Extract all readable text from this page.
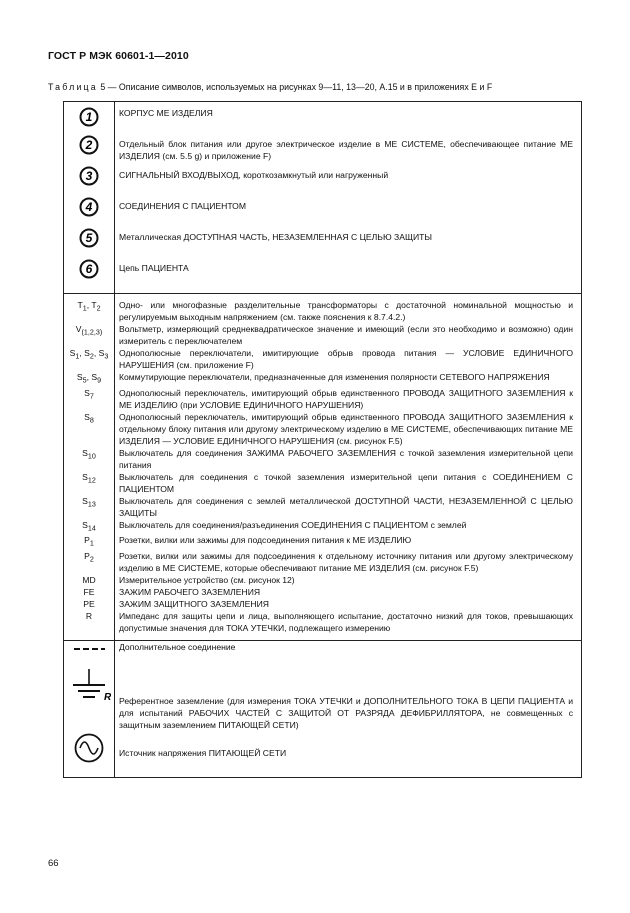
ГОСТ Р МЭК 60601-1—2010
Таблица 5 — Описание символов, используемых на рисунках 9—11, 13—20, А.15 и в приложениях Е и F
1	КОРПУС МЕ ИЗДЕЛИЯ

2	Отдельный блок питания или другое электрическое изделие в МЕ СИСТЕМЕ, обеспечивающее питание МЕ ИЗДЕЛИЯ (см. 5.5 g) и приложение F)

3	СИГНАЛЬНЫЙ ВХОД/ВЫХОД, короткозамкнутый или нагруженный

4	СОЕДИНЕНИЯ С ПАЦИЕНТОМ

5	Металлическая ДОСТУПНАЯ ЧАСТЬ, НЕЗАЗЕМЛЕННАЯ С ЦЕЛЬЮ ЗАЩИТЫ

6	Цепь ПАЦИЕНТА
$T_1$, $T_2$	Одно- или многофазные разделительные трансформаторы с достаточной номинальной мощностью и регулируемым выходным напряжением (см. также пояснения к 8.7.4.2.)
$V_{(1,2,3)}$	Вольтметр, измеряющий среднеквадратическое значение и имеющий (если это необходимо и возможно) один измеритель с переключателем
$S_1$, $S_2$, $S_3$	Однополюсные переключатели, имитирующие обрыв провода питания — УСЛОВИЕ ЕДИНИЧНОГО НАРУШЕНИЯ (см. приложение F)
$S_5$, $S_9$	Коммутирующие переключатели, предназначенные для изменения полярности СЕТЕВОГО НАПРЯЖЕНИЯ
$S_7$	Однополюсный переключатель, имитирующий обрыв единственного ПРОВОДА ЗАЩИТНОГО ЗАЗЕМЛЕНИЯ к МЕ ИЗДЕЛИЮ (при УСЛОВИЕ ЕДИНИЧНОГО НАРУШЕНИЯ)
$S_8$	Однополюсный переключатель, имитирующий обрыв единственного ПРОВОДА ЗАЩИТНОГО ЗАЗЕМЛЕНИЯ к отдельному блоку питания или другому электрическому изделию в МЕ СИСТЕМЕ, обеспечивающих питание МЕ ИЗДЕЛИЯ — УСЛОВИЕ ЕДИНИЧНОГО НАРУШЕНИЯ (см. рисунок F.5)
$S_{10}$	Выключатель для соединения ЗАЖИМА РАБОЧЕГО ЗАЗЕМЛЕНИЯ с точкой заземления измерительной цепи питания
$S_{12}$	Выключатель для соединения с точкой заземления измерительной цепи питания с СОЕДИНЕНИЕМ С ПАЦИЕНТОМ
$S_{13}$	Выключатель для соединения с землей металлической ДОСТУПНОЙ ЧАСТИ, НЕЗАЗЕМЛЕННОЙ С ЦЕЛЬЮ ЗАЩИТЫ
$S_{14}$	Выключатель для соединения/разъединения СОЕДИНЕНИЯ С ПАЦИЕНТОМ с землей
$P_1$	Розетки, вилки или зажимы для подсоединения питания к МЕ ИЗДЕЛИЮ
$P_2$	Розетки, вилки или зажимы для подсоединения к отдельному источнику питания или другому электрическому изделию в МЕ СИСТЕМЕ, которые обеспечивают питание МЕ ИЗДЕЛИЯ (см. рисунок F.5)
MD	Измерительное устройство (см. рисунок 12)
FE	ЗАЖИМ РАБОЧЕГО ЗАЗЕМЛЕНИЯ
PE	ЗАЖИМ ЗАЩИТНОГО ЗАЗЕМЛЕНИЯ
R	Импеданс для защиты цепи и лица, выполняющего испытание, достаточно низкий для токов, превышающих допустимые значения для ТОКА УТЕЧКИ, подлежащего измерению
	Дополнительное соединение

R	Референтное заземление (для измерения ТОКА УТЕЧКИ и ДОПОЛНИТЕЛЬНОГО ТОКА В ЦЕПИ ПАЦИЕНТА и для испытаний РАБОЧИХ ЧАСТЕЙ С ЗАЩИТОЙ ОТ РАЗРЯДА ДЕФИБРИЛЛЯТОРА, не совмещенных с защитным заземлением ПИТАЮЩЕЙ СЕТИ)
	Источник напряжения ПИТАЮЩЕЙ СЕТИ
66
